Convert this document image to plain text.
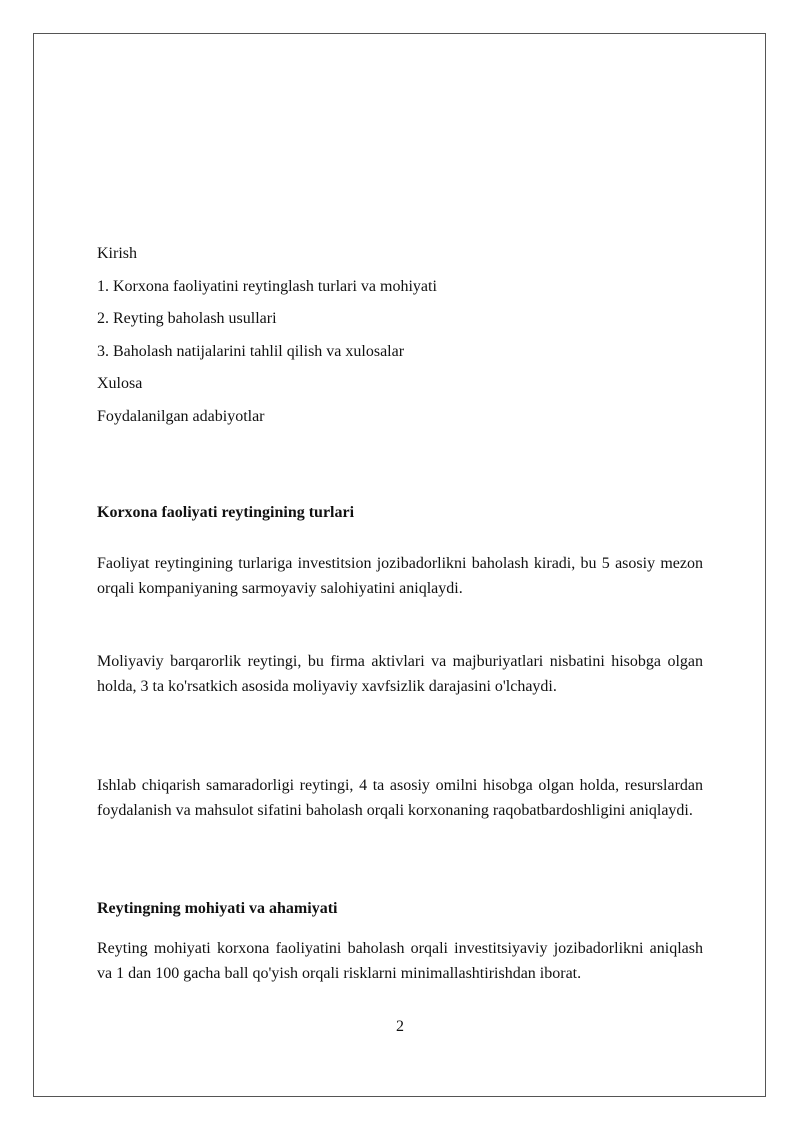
Kirish
1. Korxona faoliyatini reytinglash turlari va mohiyati
2. Reyting baholash usullari
3. Baholash natijalarini tahlil qilish va xulosalar
Xulosa
Foydalanilgan adabiyotlar
Korxona faoliyati reytingining turlari
Faoliyat reytingining turlariga investitsion jozibadorlikni baholash kiradi, bu 5 asosiy mezon orqali kompaniyaning sarmoyaviy salohiyatini aniqlaydi.
Moliyaviy barqarorlik reytingi, bu firma aktivlari va majburiyatlari nisbatini hisobga olgan holda, 3 ta ko'rsatkich asosida moliyaviy xavfsizlik darajasini o'lchaydi.
Ishlab chiqarish samaradorligi reytingi, 4 ta asosiy omilni hisobga olgan holda, resurslardan foydalanish va mahsulot sifatini baholash orqali korxonaning raqobatbardoshligini aniqlaydi.
Reytingning mohiyati va ahamiyati
Reyting mohiyati korxona faoliyatini baholash orqali investitsiyaviy jozibadorlikni aniqlash va 1 dan 100 gacha ball qo'yish orqali risklarni minimallashtirishdan iborat.
2
